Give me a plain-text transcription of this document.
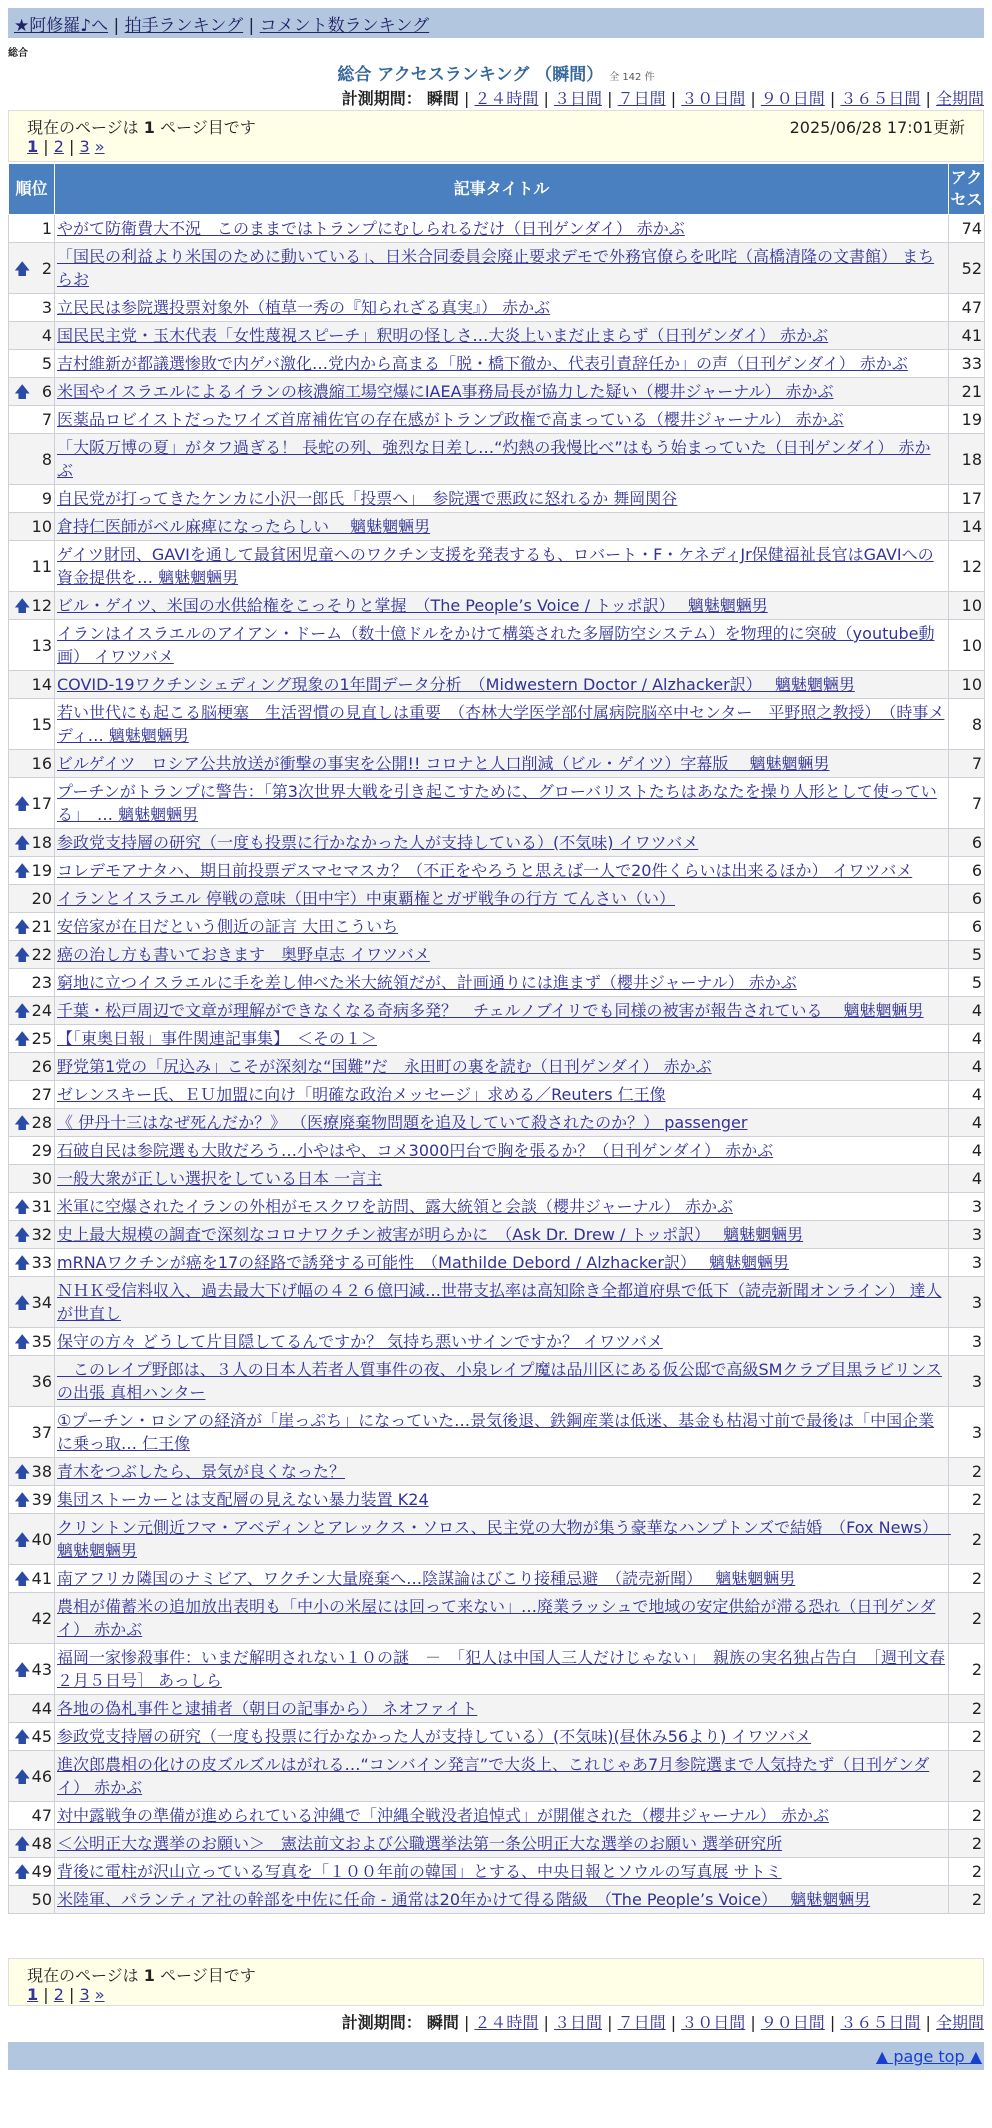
★阿修羅♪へ | 拍手ランキング | コメント数ランキング
総合
総合 アクセスランキング （瞬間） 全 142 件
計測期間： 瞬間 | ２４時間 | ３日間 | ７日間 | ３０日間 | ９０日間 | ３６５日間 | 全期間
現在のページは 1 ページ目です	2025/06/28 17:01更新
1 | 2 | 3 »
順位	記事タイトル	アクセス
1	やがて防衛費大不況　このままではトランプにむしられるだけ（日刊ゲンダイ） 赤かぶ	74

🡅 2	「国民の利益より米国のために動いている」、日米合同委員会廃止要求デモで外務官僚らを叱咤（高橋清隆の文書館） まちらお	52
3	立民民は参院選投票対象外（植草一秀の『知られざる真実』） 赤かぶ	47
4	国民民主党・玉木代表「女性蔑視スピーチ」釈明の怪しさ…大炎上いまだ止まらず（日刊ゲンダイ） 赤かぶ	41
5	吉村維新が都議選惨敗で内ゲバ激化…党内から高まる「脱・橋下徹か、代表引責辞任か」の声（日刊ゲンダイ） 赤かぶ	33

🡅 6	米国やイスラエルによるイランの核濃縮工場空爆にIAEA事務局長が協力した疑い（櫻井ジャーナル） 赤かぶ	21
7	医薬品ロビイストだったワイズ首席補佐官の存在感がトランプ政権で高まっている（櫻井ジャーナル） 赤かぶ	19
8	「大阪万博の夏」がタフ過ぎる！ 長蛇の列、強烈な日差し…“灼熱の我慢比べ”はもう始まっていた（日刊ゲンダイ） 赤かぶ	18
9	自民党が打ってきたケンカに小沢一郎氏「投票へ」　参院選で悪政に怒れるか 舞岡関谷	17
10	倉持仁医師がベル麻痺になったらしい　 魑魅魍魎男	14
11	ゲイツ財団、GAVIを通して最貧困児童へのワクチン支援を発表するも、ロバート・F・ケネディJr保健福祉長官はGAVIへの資金提供を… 魑魅魍魎男	12

🡅 12	ビル・ゲイツ、米国の水供給権をこっそりと掌握　（The People’s Voice / トッポ訳）　 魑魅魍魎男	10
13	イランはイスラエルのアイアン・ドーム（数十億ドルをかけて構築された多層防空システム）を物理的に突破（youtube動画） イワツバメ	10
14	COVID-19ワクチンシェディング現象の1年間データ分析　（Midwestern Doctor / Alzhacker訳）　 魑魅魍魎男	10
15	若い世代にも起こる脳梗塞　生活習慣の見直しは重要　（杏林大学医学部付属病院脳卒中センター　平野照之教授）　（時事メディ… 魑魅魍魎男	8
16	ビルゲイツ　ロシア公共放送が衝撃の事実を公開!! コロナと人口削減（ビル・ゲイツ）字幕版　 魑魅魍魎男	7

🡅 17	プーチンがトランプに警告：「第3次世界大戦を引き起こすために、グローバリストたちはあなたを操り人形として使っている」　… 魑魅魍魎男	7

🡅 18	参政党支持層の研究（一度も投票に行かなかった人が支持している）(不気味) イワツバメ	6

🡅 19	コレデモアナタハ、期日前投票デスマセマスカ？（不正をやろうと思えば一人で20件くらいは出来るほか） イワツバメ	6
20	イランとイスラエル 停戦の意味（田中宇）中東覇権とガザ戦争の行方 てんさい（い）	6

🡅 21	安倍家が在日だという側近の証言 大田こういち	6

🡅 22	癌の治し方も書いておきます　奥野卓志 イワツバメ	5
23	窮地に立つイスラエルに手を差し伸べた米大統領だが、計画通りには進まず（櫻井ジャーナル） 赤かぶ	5

🡅 24	千葉・松戸周辺で文章が理解ができなくなる奇病多発？　チェルノブイリでも同様の被害が報告されている　 魑魅魍魎男	4

🡅 25	【「東奥日報」事件関連記事集】　＜その１＞	4
26	野党第1党の「尻込み」こそが深刻な“国難”だ　永田町の裏を読む（日刊ゲンダイ） 赤かぶ	4
27	ゼレンスキー氏、ＥＵ加盟に向け「明確な政治メッセージ」求める／Reuters 仁王像	4

🡅 28	《 伊丹十三はなぜ死んだか？》 （医療廃棄物問題を追及していて殺されたのか？） passenger	4
29	石破自民は参院選も大敗だろう…小やはや、コメ3000円台で胸を張るか？（日刊ゲンダイ） 赤かぶ	4
30	一般大衆が正しい選択をしている日本 一言主	4

🡅 31	米軍に空爆されたイランの外相がモスクワを訪問、露大統領と会談（櫻井ジャーナル） 赤かぶ	3

🡅 32	史上最大規模の調査で深刻なコロナワクチン被害が明らかに　（Ask Dr. Drew / トッポ訳）　 魑魅魍魎男	3

🡅 33	mRNAワクチンが癌を17の経路で誘発する可能性　（Mathilde Debord / Alzhacker訳）　 魑魅魍魎男	3

🡅 34	ＮＨＫ受信料収入、過去最大下げ幅の４２６億円減…世帯支払率は高知除き全都道府県で低下（読売新聞オンライン） 達人が世直し	3

🡅 35	保守の方々 どうして片目隠してるんですか？ 気持ち悪いサインですか？ イワツバメ	3
36	　このレイプ野郎は、３人の日本人若者人質事件の夜、小泉レイプ魔は品川区にある仮公邸で高級SMクラブ目黒ラビリンスの出張 真相ハンター	3
37	①プーチン・ロシアの経済が「崖っぷち」になっていた…景気後退、鉄鋼産業は低迷、基金も枯渇寸前で最後は「中国企業に乗っ取… 仁王像	3

🡅 38	青木をつぶしたら、景気が良くなった？	2

🡅 39	集団ストーカーとは支配層の見えない暴力装置 K24	2

🡅 40	クリントン元側近フマ・アベディンとアレックス・ソロス、民主党の大物が集う豪華なハンプトンズで結婚　（Fox News）　 魑魅魍魎男	2

🡅 41	南アフリカ隣国のナミビア、ワクチン大量廃棄へ…陰謀論はびこり接種忌避　（読売新聞）　 魑魅魍魎男	2
42	農相が備蓄米の追加放出表明も「中小の米屋には回って来ない」…廃業ラッシュで地域の安定供給が滞る恐れ（日刊ゲンダイ） 赤かぶ	2

🡅 43	福岡一家惨殺事件：いまだ解明されない１０の謎　－　「犯人は中国人三人だけじゃない」　親族の実名独占告白　［週刊文春２月５日号］ あっしら	2
44	各地の偽札事件と逮捕者（朝日の記事から） ネオファイト	2

🡅 45	参政党支持層の研究（一度も投票に行かなかった人が支持している）(不気味)(昼休み56より) イワツバメ	2

🡅 46	進次郎農相の化けの皮ズルズルはがれる…“コンバイン発言”で大炎上、これじゃあ7月参院選まで人気持たず（日刊ゲンダイ） 赤かぶ	2
47	対中露戦争の準備が進められている沖縄で「沖縄全戦没者追悼式」が開催された（櫻井ジャーナル） 赤かぶ	2

🡅 48	＜公明正大な選挙のお願い＞　憲法前文および公職選挙法第一条公明正大な選挙のお願い 選挙研究所	2

🡅 49	背後に電柱が沢山立っている写真を「１００年前の韓国」とする、中央日報とソウルの写真展 サトミ	2
50	米陸軍、パランティア社の幹部を中佐に任命 - 通常は20年かけて得る階級　（The People’s Voice）　 魑魅魍魎男	2
現在のページは 1 ページ目です
1 | 2 | 3 »
計測期間： 瞬間 | ２４時間 | ３日間 | ７日間 | ３０日間 | ９０日間 | ３６５日間 | 全期間
▲ page top ▲
